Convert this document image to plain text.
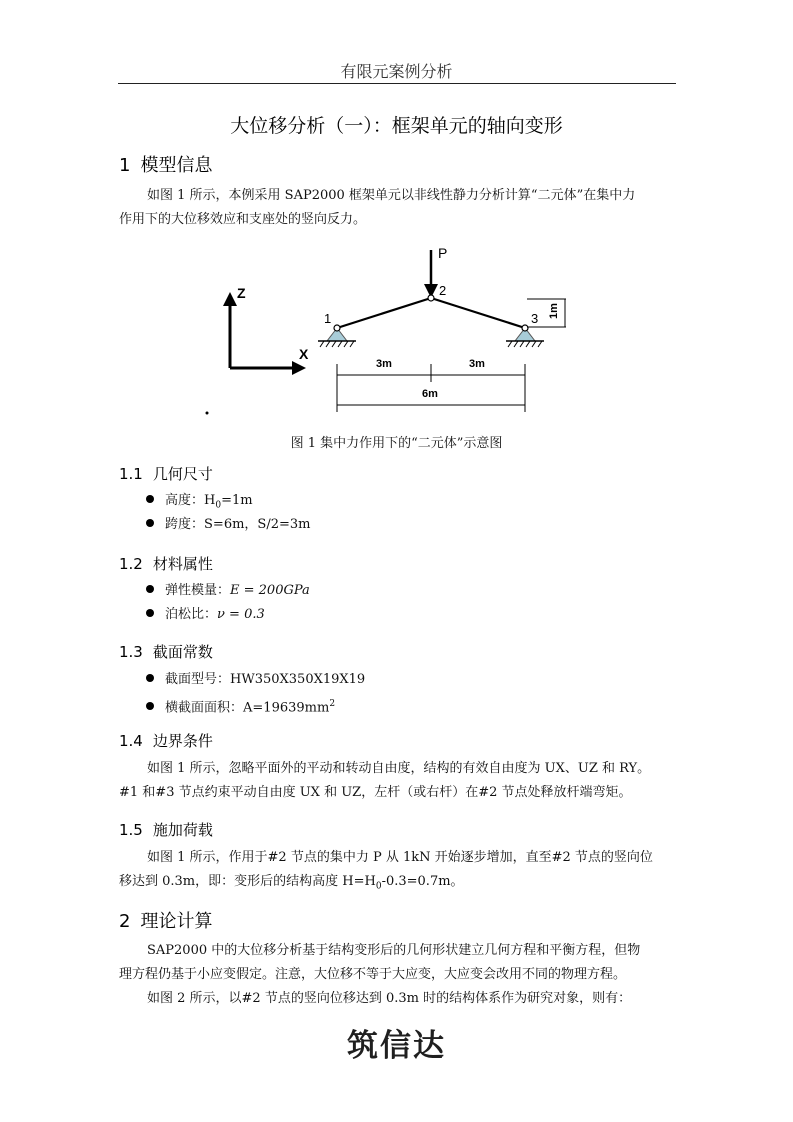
有限元案例分析
大位移分析（一）：框架单元的轴向变形
1 模型信息
如图 1 所示，本例采用 SAP2000 框架单元以非线性静力分析计算“二元体”在集中力
作用下的大位移效应和支座处的竖向反力。
Z
X
P
1
2
3 1m
3m	3m
6m
图 1 集中力作用下的“二元体”示意图
1.1 几何尺寸
高度：$H_0=1m$
跨度：S=6m，S/2=3m
1.2 材料属性
弹性模量：E = 200GPa
泊松比：ν = 0.3
1.3 截面常数
截面型号：HW350X350X19X19
横截面面积：$A=19639mm^2$
1.4 边界条件
如图 1 所示，忽略平面外的平动和转动自由度，结构的有效自由度为 UX、UZ 和 RY。
#1 和#3 节点约束平动自由度 UX 和 UZ，左杆（或右杆）在#2 节点处释放杆端弯矩。
1.5 施加荷载
如图 1 所示，作用于#2 节点的集中力 P 从 1kN 开始逐步增加，直至#2 节点的竖向位
移达到 0.3m，即：变形后的结构高度 $H=H_0-0.3=0.7m$。
2 理论计算
SAP2000 中的大位移分析基于结构变形后的几何形状建立几何方程和平衡方程，但物
理方程仍基于小应变假定。注意，大位移不等于大应变，大应变会改用不同的物理方程。
如图 2 所示，以#2 节点的竖向位移达到 0.3m 时的结构体系作为研究对象，则有：
筑信达
